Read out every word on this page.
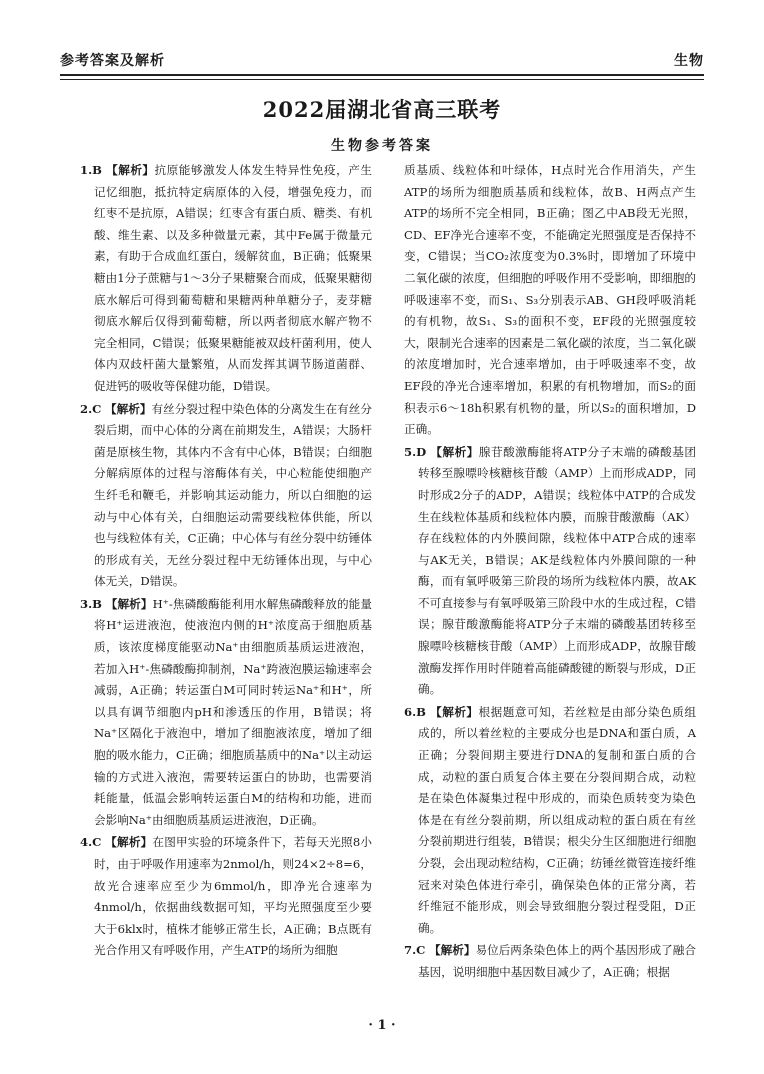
参考答案及解析	生物
2022届湖北省高三联考
生物参考答案

1.B 【解析】抗原能够激发人体发生特异性免疫，产生记忆细胞，抵抗特定病原体的入侵，增强免疫力，而红枣不是抗原，A错误；红枣含有蛋白质、糖类、有机酸、维生素、以及多种微量元素，其中Fe属于微量元素，有助于合成血红蛋白，缓解贫血，B正确；低聚果糖由1分子蔗糖与1～3分子果糖聚合而成，低聚果糖彻底水解后可得到葡萄糖和果糖两种单糖分子，麦芽糖彻底水解后仅得到葡萄糖，所以两者彻底水解产物不完全相同，C错误；低聚果糖能被双歧杆菌利用，使人体内双歧杆菌大量繁殖，从而发挥其调节肠道菌群、促进钙的吸收等保健功能，D错误。

2.C 【解析】有丝分裂过程中染色体的分离发生在有丝分裂后期，而中心体的分离在前期发生，A错误；大肠杆菌是原核生物，其体内不含有中心体，B错误；白细胞分解病原体的过程与溶酶体有关，中心粒能使细胞产生纤毛和鞭毛，并影响其运动能力，所以白细胞的运动与中心体有关，白细胞运动需要线粒体供能，所以也与线粒体有关，C正确；中心体与有丝分裂中纺锤体的形成有关，无丝分裂过程中无纺锤体出现，与中心体无关，D错误。

3.B 【解析】H⁺-焦磷酸酶能利用水解焦磷酸释放的能量将H⁺运进液泡，使液泡内侧的H⁺浓度高于细胞质基质，该浓度梯度能驱动Na⁺由细胞质基质运进液泡，若加入H⁺-焦磷酸酶抑制剂，Na⁺跨液泡膜运输速率会减弱，A正确；转运蛋白M可同时转运Na⁺和H⁺，所以具有调节细胞内pH和渗透压的作用，B错误；将Na⁺区隔化于液泡中，增加了细胞液浓度，增加了细胞的吸水能力，C正确；细胞质基质中的Na⁺以主动运输的方式进入液泡，需要转运蛋白的协助，也需要消耗能量，低温会影响转运蛋白M的结构和功能，进而会影响Na⁺由细胞质基质运进液泡，D正确。

4.C 【解析】在图甲实验的环境条件下，若每天光照8小时，由于呼吸作用速率为2nmol/h，则24×2÷8=6，故光合速率应至少为6mmol/h，即净光合速率为4nmol/h，依据曲线数据可知，平均光照强度至少要大于6klx时，植株才能够正常生长，A正确；B点既有光合作用又有呼吸作用，产生ATP的场所为细胞

质基质、线粒体和叶绿体，H点时光合作用消失，产生ATP的场所为细胞质基质和线粒体，故B、H两点产生ATP的场所不完全相同，B正确；图乙中AB段无光照，CD、EF净光合速率不变，不能确定光照强度是否保持不变，C错误；当CO₂浓度变为0.3%时，即增加了环境中二氧化碳的浓度，但细胞的呼吸作用不受影响，即细胞的呼吸速率不变，而S₁、S₃分别表示AB、GH段呼吸消耗的有机物，故S₁、S₃的面积不变，EF段的光照强度较大，限制光合速率的因素是二氧化碳的浓度，当二氧化碳的浓度增加时，光合速率增加，由于呼吸速率不变，故EF段的净光合速率增加，积累的有机物增加，而S₂的面积表示6～18h积累有机物的量，所以S₂的面积增加，D正确。

5.D 【解析】腺苷酸激酶能将ATP分子末端的磷酸基团转移至腺嘌呤核糖核苷酸（AMP）上而形成ADP，同时形成2分子的ADP，A错误；线粒体中ATP的合成发生在线粒体基质和线粒体内膜，而腺苷酸激酶（AK）存在线粒体的内外膜间隙，线粒体中ATP合成的速率与AK无关，B错误；AK是线粒体内外膜间隙的一种酶，而有氧呼吸第三阶段的场所为线粒体内膜，故AK不可直接参与有氧呼吸第三阶段中水的生成过程，C错误；腺苷酸激酶能将ATP分子末端的磷酸基团转移至腺嘌呤核糖核苷酸（AMP）上而形成ADP，故腺苷酸激酶发挥作用时伴随着高能磷酸键的断裂与形成，D正确。

6.B 【解析】根据题意可知，若丝粒是由部分染色质组成的，所以着丝粒的主要成分也是DNA和蛋白质，A正确；分裂间期主要进行DNA的复制和蛋白质的合成，动粒的蛋白质复合体主要在分裂间期合成，动粒是在染色体凝集过程中形成的，而染色质转变为染色体是在有丝分裂前期，所以组成动粒的蛋白质在有丝分裂前期进行组装，B错误；根尖分生区细胞进行细胞分裂，会出现动粒结构，C正确；纺锤丝微管连接纤维冠来对染色体进行牵引，确保染色体的正常分离，若纤维冠不能形成，则会导致细胞分裂过程受阻，D正确。

7.C 【解析】易位后两条染色体上的两个基因形成了融合基因，说明细胞中基因数目减少了，A正确；根据

· 1 ·
